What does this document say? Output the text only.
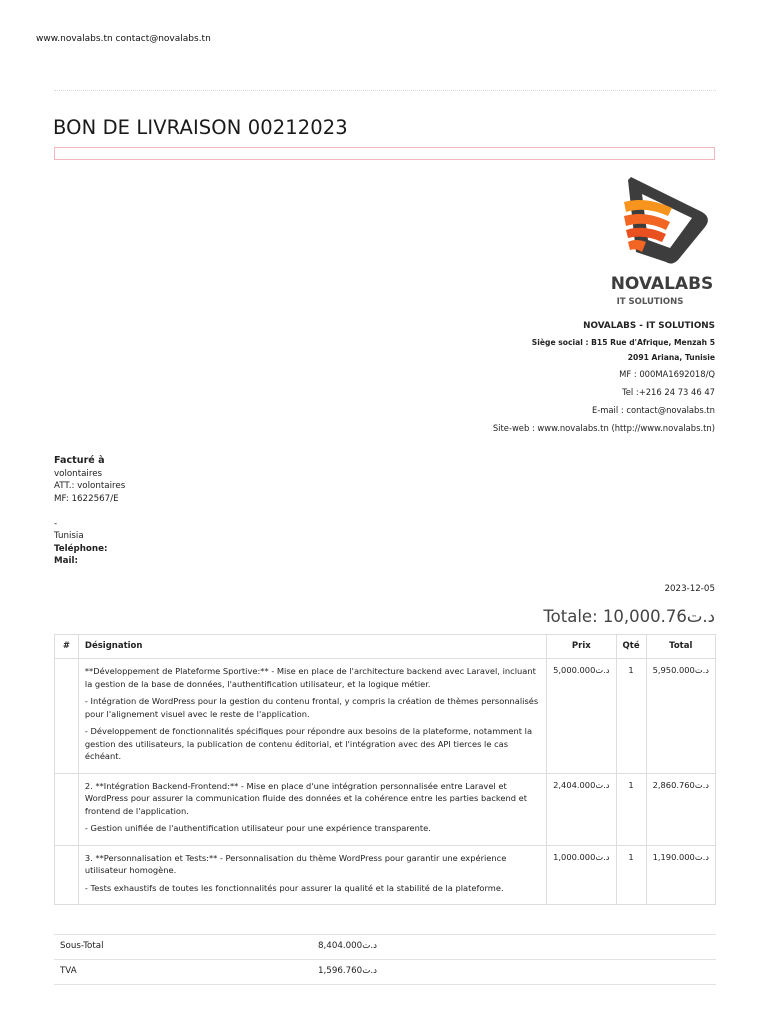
www.novalabs.tn contact@novalabs.tn
BON DE LIVRAISON 00212023
NOVALABS
IT SOLUTIONS
NOVALABS - IT SOLUTIONS
Siège social : B15 Rue d'Afrique, Menzah 5
2091 Ariana, Tunisie
MF : 000MA1692018/Q
Tel :+216 24 73 46 47
E-mail : contact@novalabs.tn
Site-web : www.novalabs.tn (http://www.novalabs.tn)
Facturé à
volontaires
ATT.: volontaires
MF: 1622567/E

-
Tunisia
Teléphone:
Mail:
2023-12-05
Totale: 10,000.76د.ت
#	Désignation	Prix	Qté	Total

	**Développement de Plateforme Sportive:** - Mise en place de l'architecture backend avec Laravel, incluant la gestion de la base de données, l'authentification utilisateur, et la logique métier.
- Intégration de WordPress pour la gestion du contenu frontal, y compris la création de thèmes personnalisés pour l'alignement visuel avec le reste de l'application.
- Développement de fonctionnalités spécifiques pour répondre aux besoins de la plateforme, notamment la gestion des utilisateurs, la publication de contenu éditorial, et l'intégration avec des API tierces le cas échéant.	5,000.000د.ت	1	5,950.000د.ت

	2. **Intégration Backend-Frontend:** - Mise en place d'une intégration personnalisée entre Laravel et WordPress pour assurer la communication fluide des données et la cohérence entre les parties backend et frontend de l'application.
- Gestion unifiée de l'authentification utilisateur pour une expérience transparente.	2,404.000د.ت	1	2,860.760د.ت

	3. **Personnalisation et Tests:** - Personnalisation du thème WordPress pour garantir une expérience utilisateur homogène.
- Tests exhaustifs de toutes les fonctionnalités pour assurer la qualité et la stabilité de la plateforme.	1,000.000د.ت	1	1,190.000د.ت
Sous-Total	8,404.000د.ت
TVA	1,596.760د.ت
